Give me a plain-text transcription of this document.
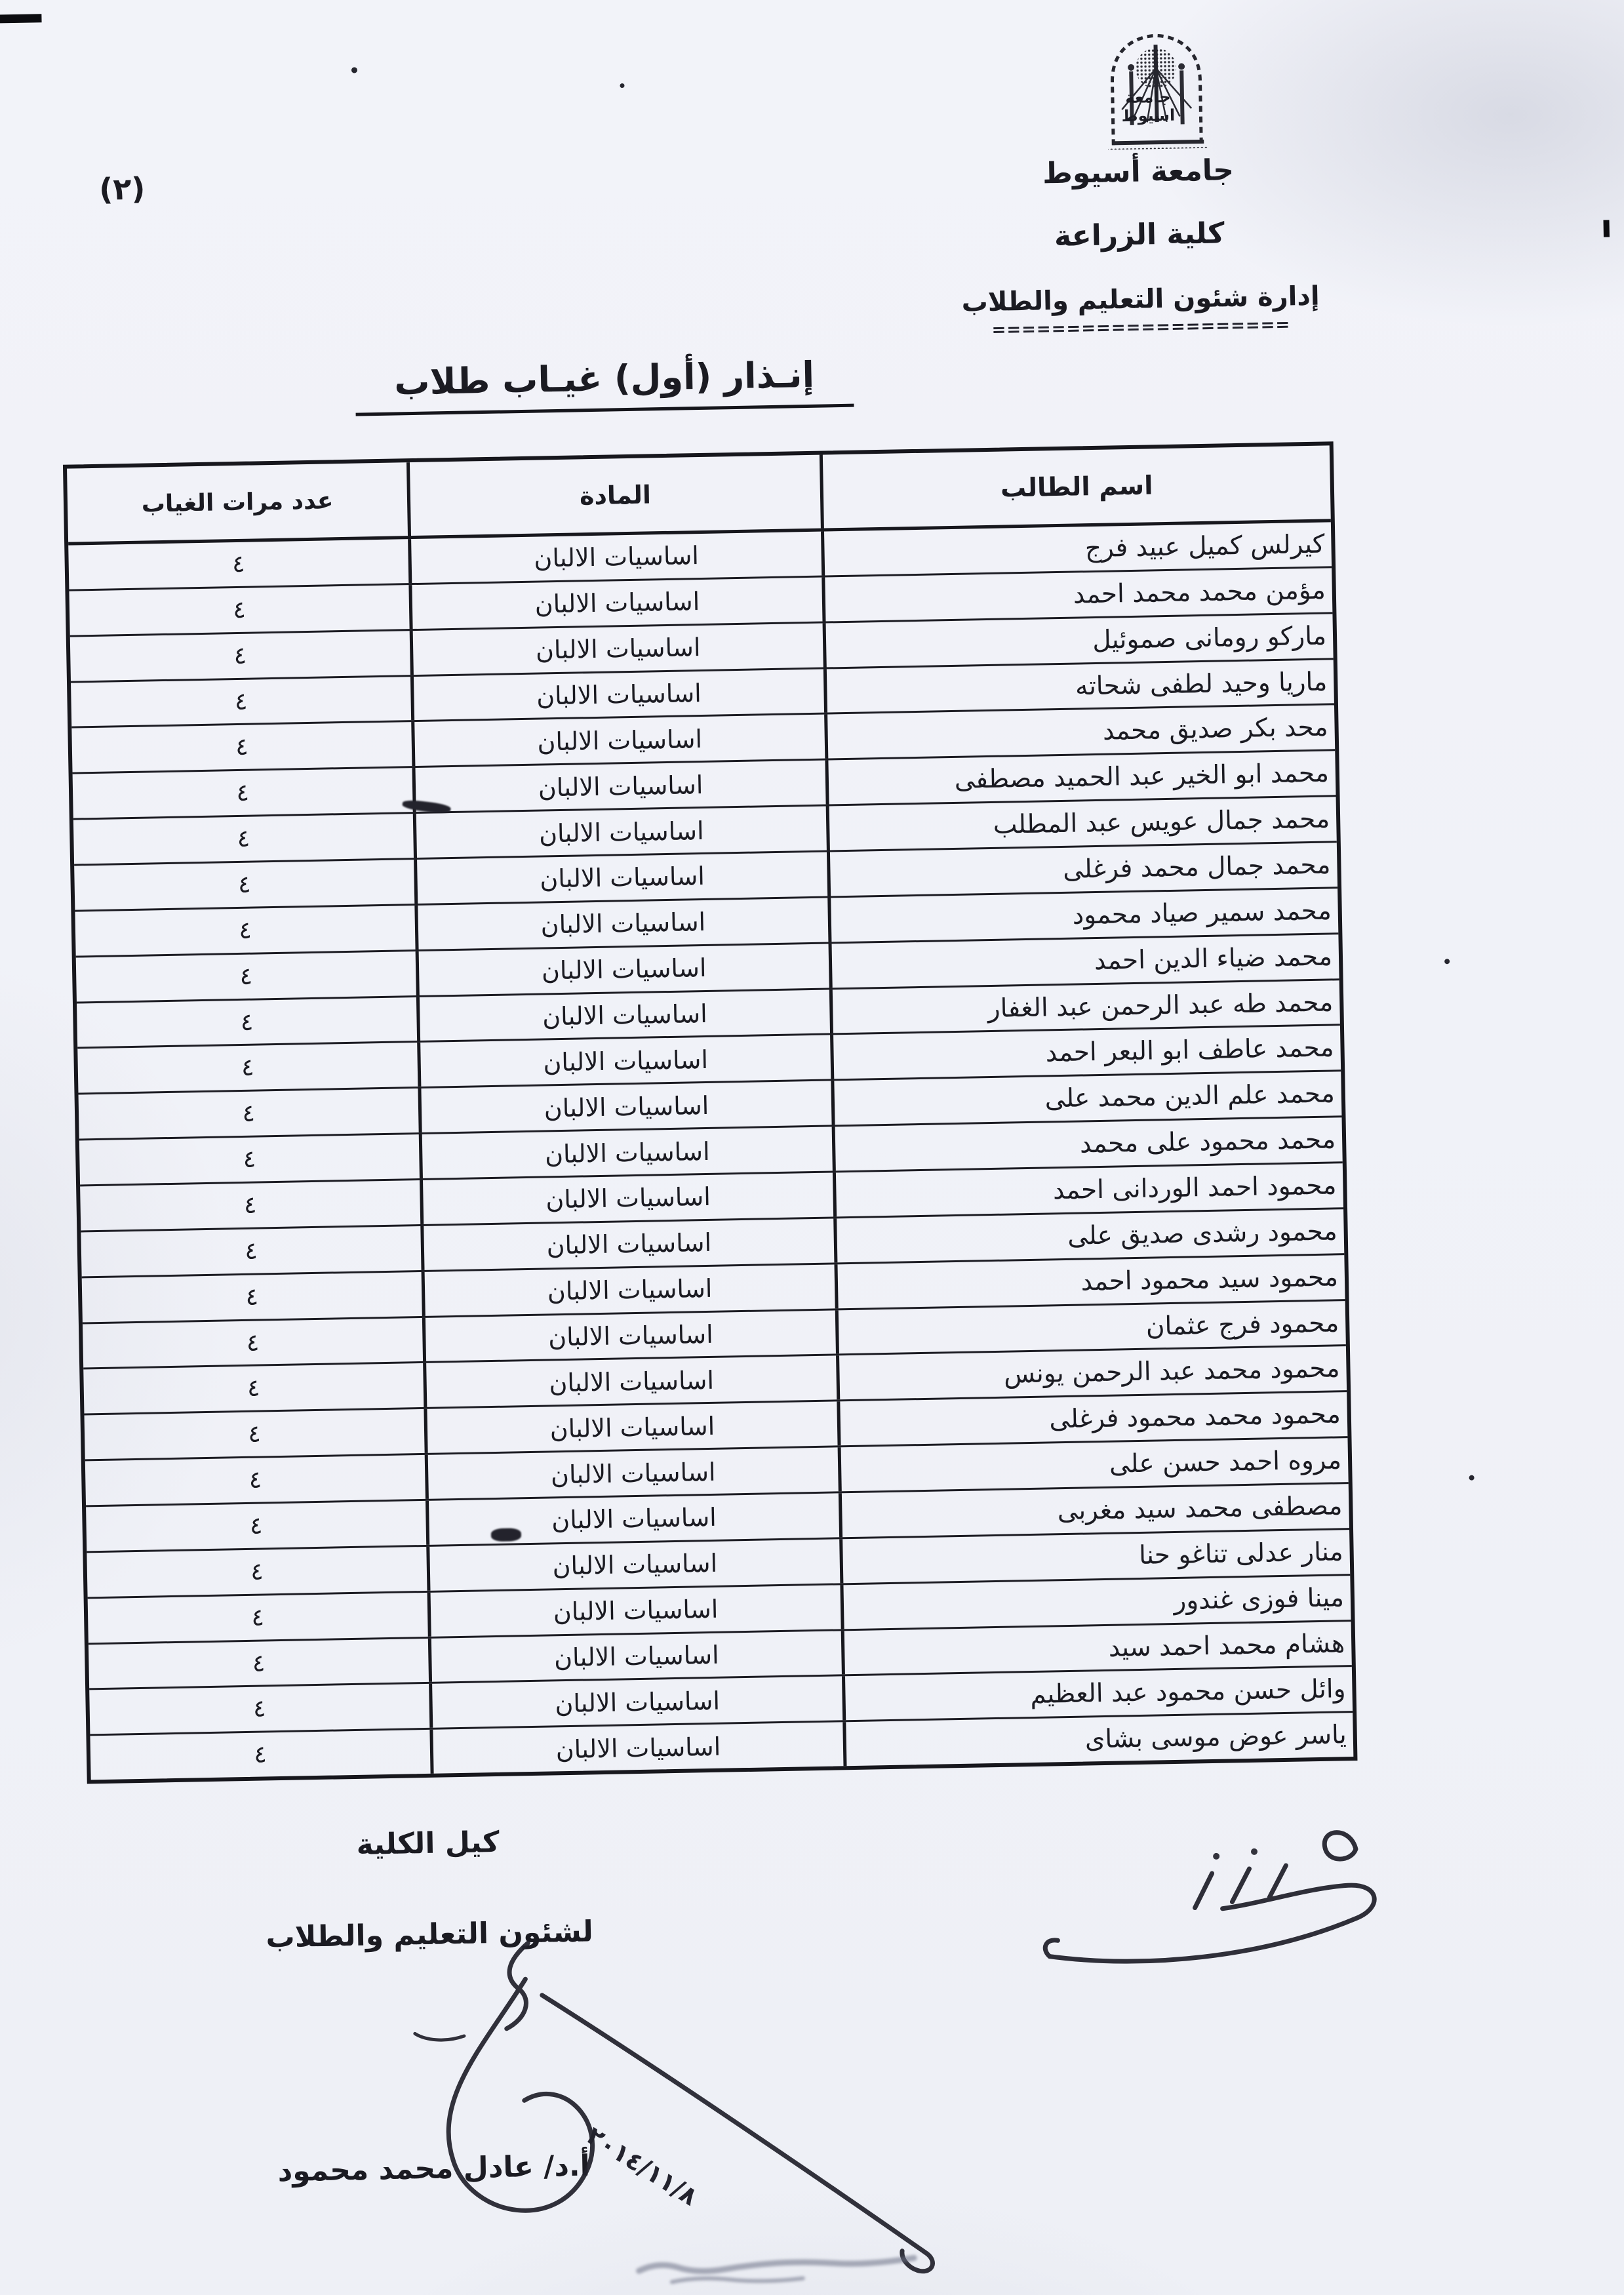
(٢)
جامعة
اسيوط
جامعة أسيوط
كلية الزراعة
إدارة شئون التعليم والطلاب
====================
إنـذار (أول) غيـاب طلاب
اسم الطالب
المادة
عدد مرات الغياب
كيرلس كميل عبيد فرج
اساسيات الالبان
٤
مؤمن محمد محمد احمد
اساسيات الالبان
٤
ماركو رومانى صموئيل
اساسيات الالبان
٤
ماريا وحيد لطفى شحاته
اساسيات الالبان
٤
محد بكر صديق محمد
اساسيات الالبان
٤
محمد ابو الخير عبد الحميد مصطفى
اساسيات الالبان
٤
محمد جمال عويس عبد المطلب
اساسيات الالبان
٤
محمد جمال محمد فرغلى
اساسيات الالبان
٤
محمد سمير صياد محمود
اساسيات الالبان
٤
محمد ضياء الدين احمد
اساسيات الالبان
٤
محمد طه عبد الرحمن عبد الغفار
اساسيات الالبان
٤
محمد عاطف ابو البعر احمد
اساسيات الالبان
٤
محمد علم الدين محمد على
اساسيات الالبان
٤
محمد محمود على محمد
اساسيات الالبان
٤
محمود احمد الوردانى احمد
اساسيات الالبان
٤
محمود رشدى صديق على
اساسيات الالبان
٤
محمود سيد محمود احمد
اساسيات الالبان
٤
محمود فرج عثمان
اساسيات الالبان
٤
محمود محمد عبد الرحمن يونس
اساسيات الالبان
٤
محمود محمد محمود فرغلى
اساسيات الالبان
٤
مروه احمد حسن على
اساسيات الالبان
٤
مصطفى محمد سيد مغربى
اساسيات الالبان
٤
منار عدلى تناغو حنا
اساسيات الالبان
٤
مينا فوزى غندور
اساسيات الالبان
٤
هشام محمد احمد سيد
اساسيات الالبان
٤
وائل حسن محمود عبد العظيم
اساسيات الالبان
٤
ياسر عوض موسى بشاى
اساسيات الالبان
٤
كيل الكلية
لشئون التعليم والطلاب
أ.د/ عادل محمد محمود
٢٠١٤/١١/٨
